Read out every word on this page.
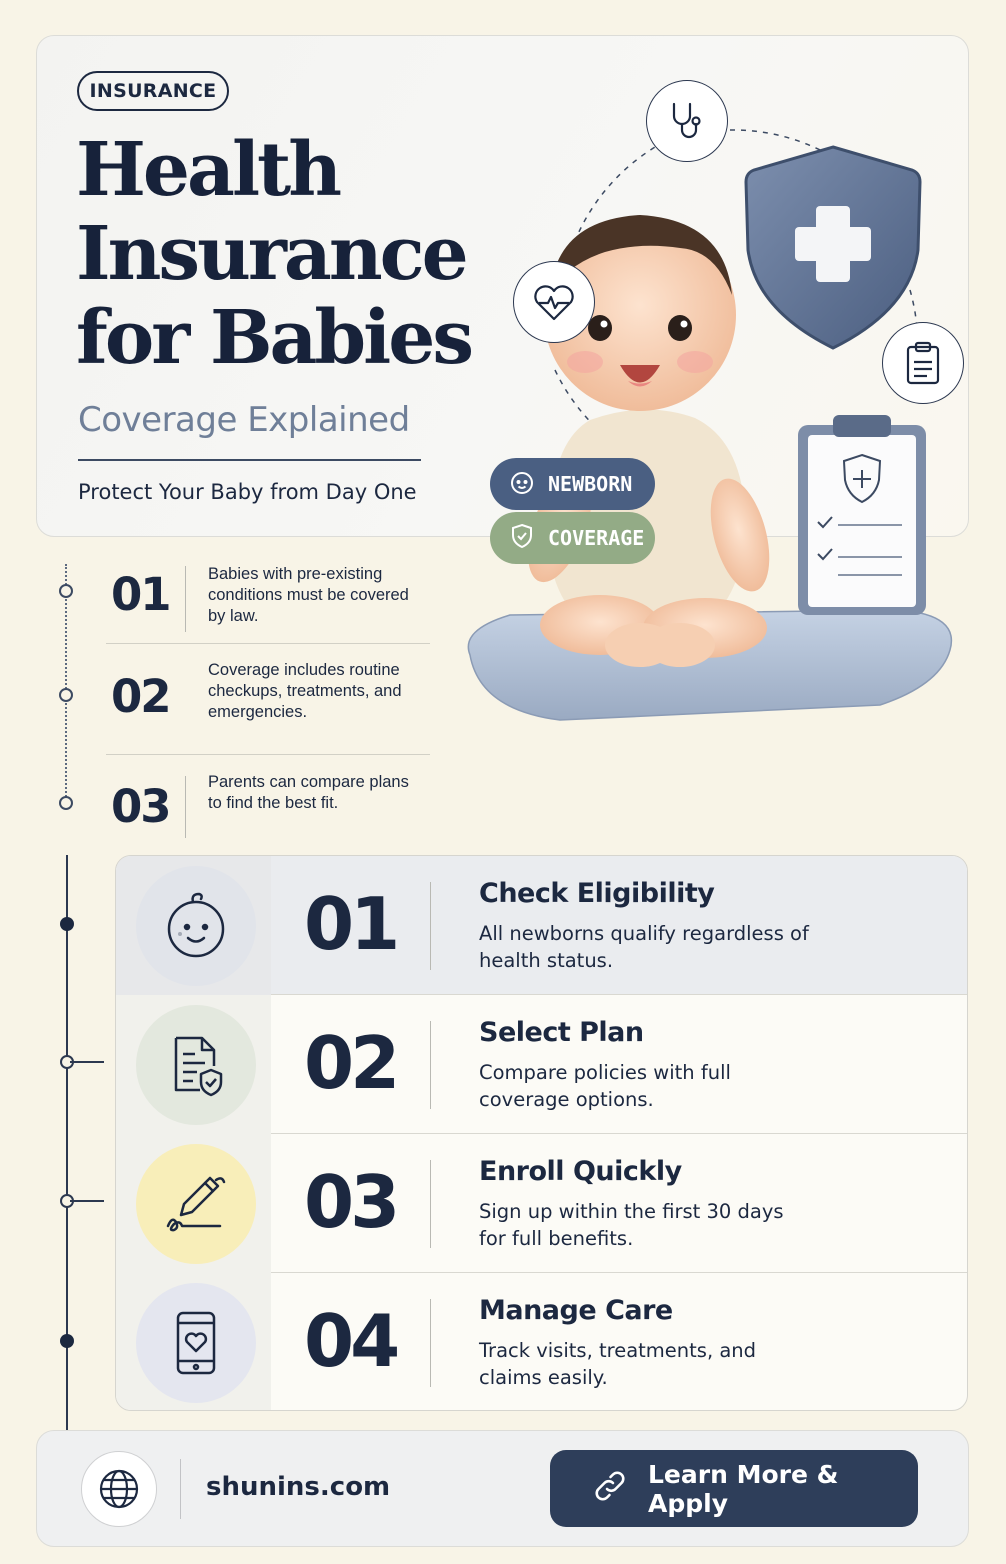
INSURANCE
Health
Insurance
for Babies
Coverage Explained
Protect Your Baby from Day One	NEWBORN
COVERAGE
01 Babies with pre-existing conditions must be covered by law.
02 Coverage includes routine checkups, treatments, and emergencies.
03 Parents can compare plans to find the best fit.
01	Check Eligibility
All newborns qualify regardless of health status.
02	Select Plan
Compare policies with full coverage options.
03	Enroll Quickly
Sign up within the first 30 days for full benefits.
04	Manage Care
Track visits, treatments, and claims easily.
shunins.com	Learn More & Apply
